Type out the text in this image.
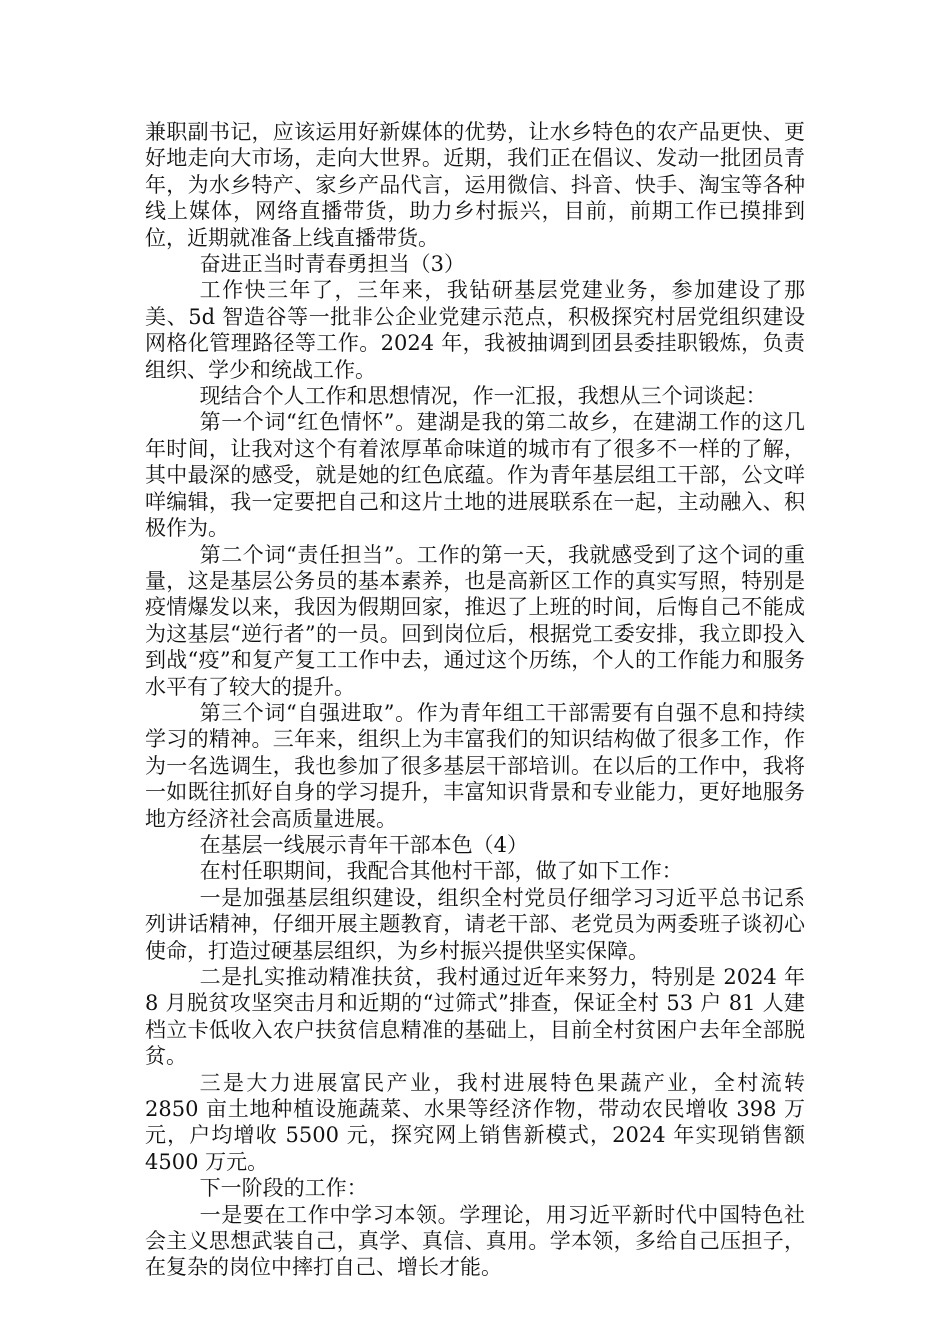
兼职副书记，应该运用好新媒体的优势，让水乡特色的农产品更快、更好地走向大市场，走向大世界。近期，我们正在倡议、发动一批团员青年，为水乡特产、家乡产品代言，运用微信、抖音、快手、淘宝等各种线上媒体，网络直播带货，助力乡村振兴，目前，前期工作已摸排到位，近期就准备上线直播带货。

奋进正当时青春勇担当（3）

工作快三年了，三年来，我钻研基层党建业务，参加建设了那美、5d 智造谷等一批非公企业党建示范点，积极探究村居党组织建设网格化管理路径等工作。2024 年，我被抽调到团县委挂职锻炼，负责组织、学少和统战工作。

现结合个人工作和思想情况，作一汇报，我想从三个词谈起：

第一个词“红色情怀”。建湖是我的第二故乡，在建湖工作的这几年时间，让我对这个有着浓厚革命味道的城市有了很多不一样的了解，其中最深的感受，就是她的红色底蕴。作为青年基层组工干部，公文咩咩编辑，我一定要把自己和这片土地的进展联系在一起，主动融入、积极作为。

第二个词“责任担当”。工作的第一天，我就感受到了这个词的重量，这是基层公务员的基本素养，也是高新区工作的真实写照，特别是疫情爆发以来，我因为假期回家，推迟了上班的时间，后悔自己不能成为这基层“逆行者”的一员。回到岗位后，根据党工委安排，我立即投入到战“疫”和复产复工工作中去，通过这个历练，个人的工作能力和服务水平有了较大的提升。

第三个词“自强进取”。作为青年组工干部需要有自强不息和持续学习的精神。三年来，组织上为丰富我们的知识结构做了很多工作，作为一名选调生，我也参加了很多基层干部培训。在以后的工作中，我将一如既往抓好自身的学习提升，丰富知识背景和专业能力，更好地服务地方经济社会高质量进展。

在基层一线展示青年干部本色（4）

在村任职期间，我配合其他村干部，做了如下工作：

一是加强基层组织建设，组织全村党员仔细学习习近平总书记系列讲话精神，仔细开展主题教育，请老干部、老党员为两委班子谈初心使命，打造过硬基层组织，为乡村振兴提供坚实保障。

二是扎实推动精准扶贫，我村通过近年来努力，特别是 2024 年 8 月脱贫攻坚突击月和近期的“过筛式”排查，保证全村 53 户 81 人建档立卡低收入农户扶贫信息精准的基础上，目前全村贫困户去年全部脱贫。

三是大力进展富民产业，我村进展特色果蔬产业，全村流转 2850 亩土地种植设施蔬菜、水果等经济作物，带动农民增收 398 万元，户均增收 5500 元，探究网上销售新模式，2024 年实现销售额 4500 万元。

下一阶段的工作：

一是要在工作中学习本领。学理论，用习近平新时代中国特色社会主义思想武装自己，真学、真信、真用。学本领，多给自己压担子，在复杂的岗位中摔打自己、增长才能。
